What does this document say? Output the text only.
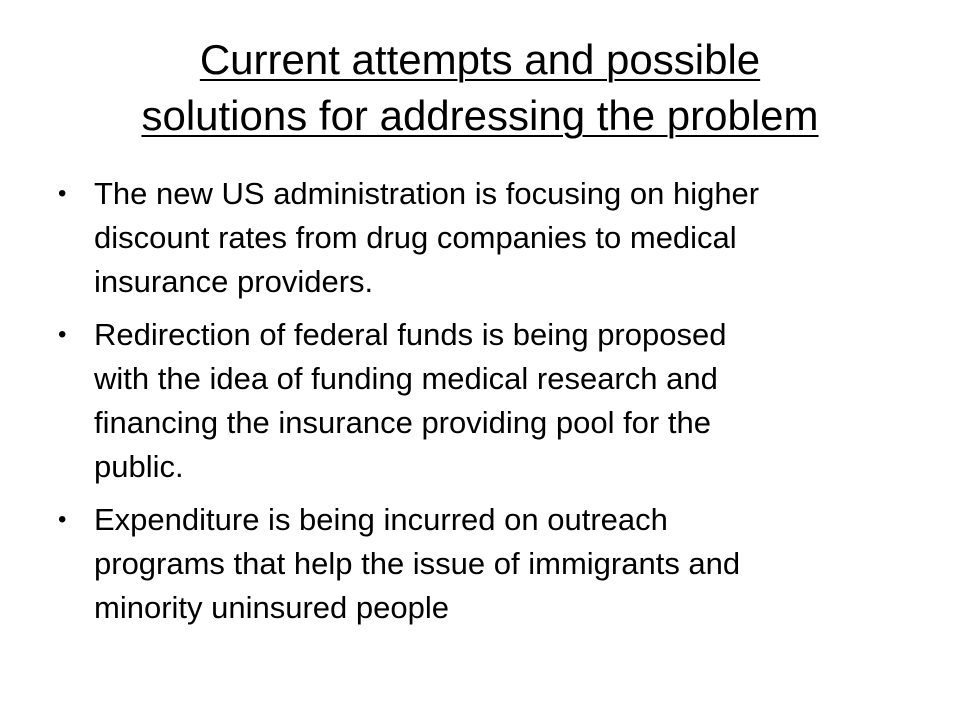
Current attempts and possible
solutions for addressing the problem
• The new US administration is focusing on higher
discount rates from drug companies to medical
insurance providers.
• Redirection of federal funds is being proposed
with the idea of funding medical research and
financing the insurance providing pool for the
public.
• Expenditure is being incurred on outreach
programs that help the issue of immigrants and
minority uninsured people
